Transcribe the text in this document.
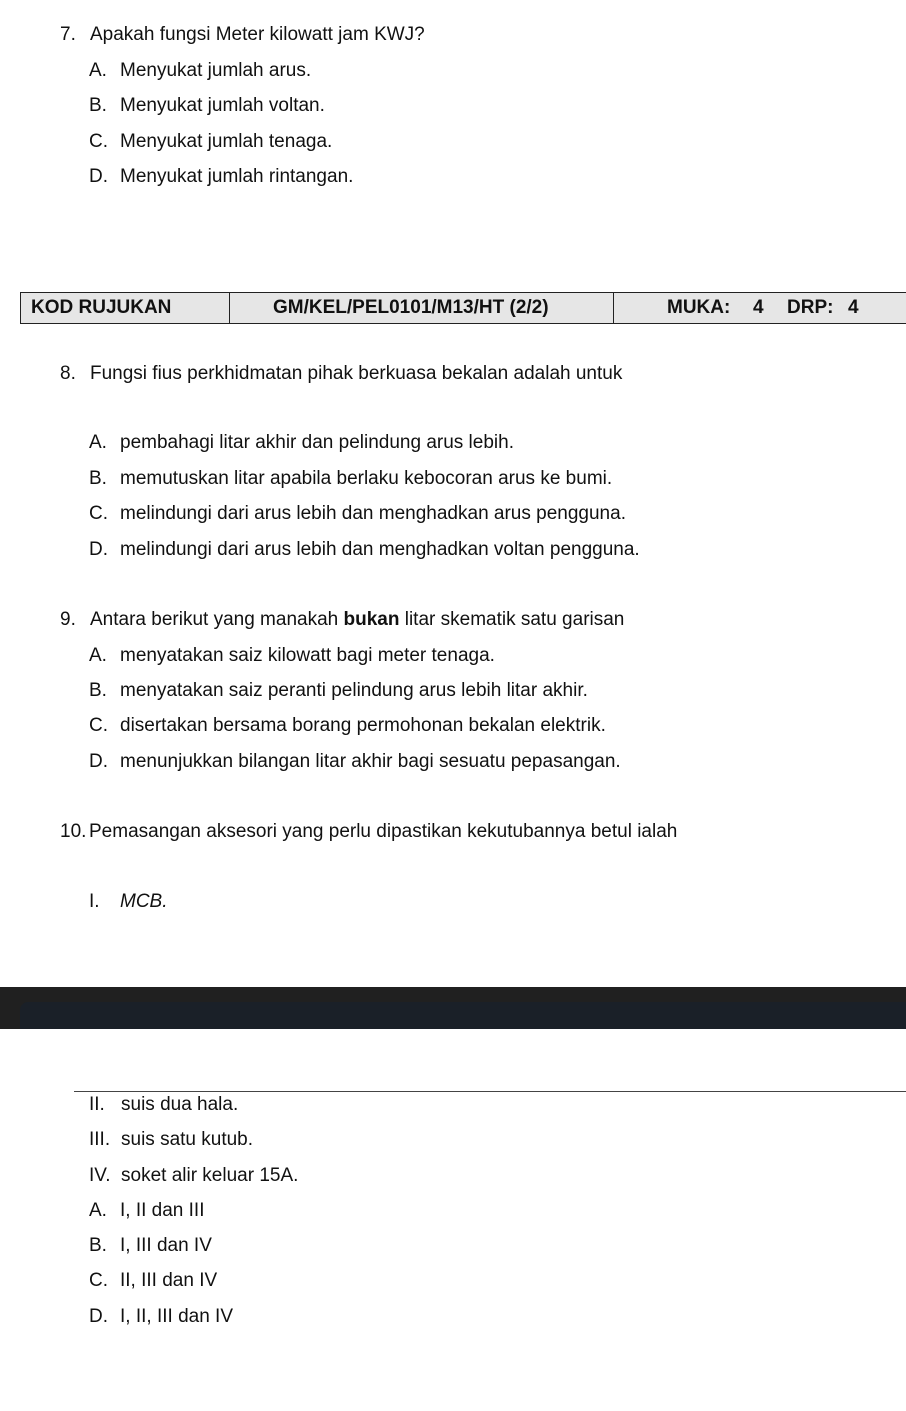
7. Apakah fungsi Meter kilowatt jam KWJ?
A. Menyukat jumlah arus.
B. Menyukat jumlah voltan.
C. Menyukat jumlah tenaga.
D. Menyukat jumlah rintangan.
KOD RUJUKAN	GM/KEL/PEL0101/M13/HT (2/2)	MUKA: 4 DRP: 4
8. Fungsi fius perkhidmatan pihak berkuasa bekalan adalah untuk
A. pembahagi litar akhir dan pelindung arus lebih.
B. memutuskan litar apabila berlaku kebocoran arus ke bumi.
C. melindungi dari arus lebih dan menghadkan arus pengguna.
D. melindungi dari arus lebih dan menghadkan voltan pengguna.
9. Antara berikut yang manakah bukan litar skematik satu garisan
A. menyatakan saiz kilowatt bagi meter tenaga.
B. menyatakan saiz peranti pelindung arus lebih litar akhir.
C. disertakan bersama borang permohonan bekalan elektrik.
D. menunjukkan bilangan litar akhir bagi sesuatu pepasangan.
10. Pemasangan aksesori yang perlu dipastikan kekutubannya betul ialah
I. MCB.
II. suis dua hala.
III. suis satu kutub.
IV. soket alir keluar 15A.
A. I, II dan III
B. I, III dan IV
C. II, III dan IV
D. I, II, III dan IV
